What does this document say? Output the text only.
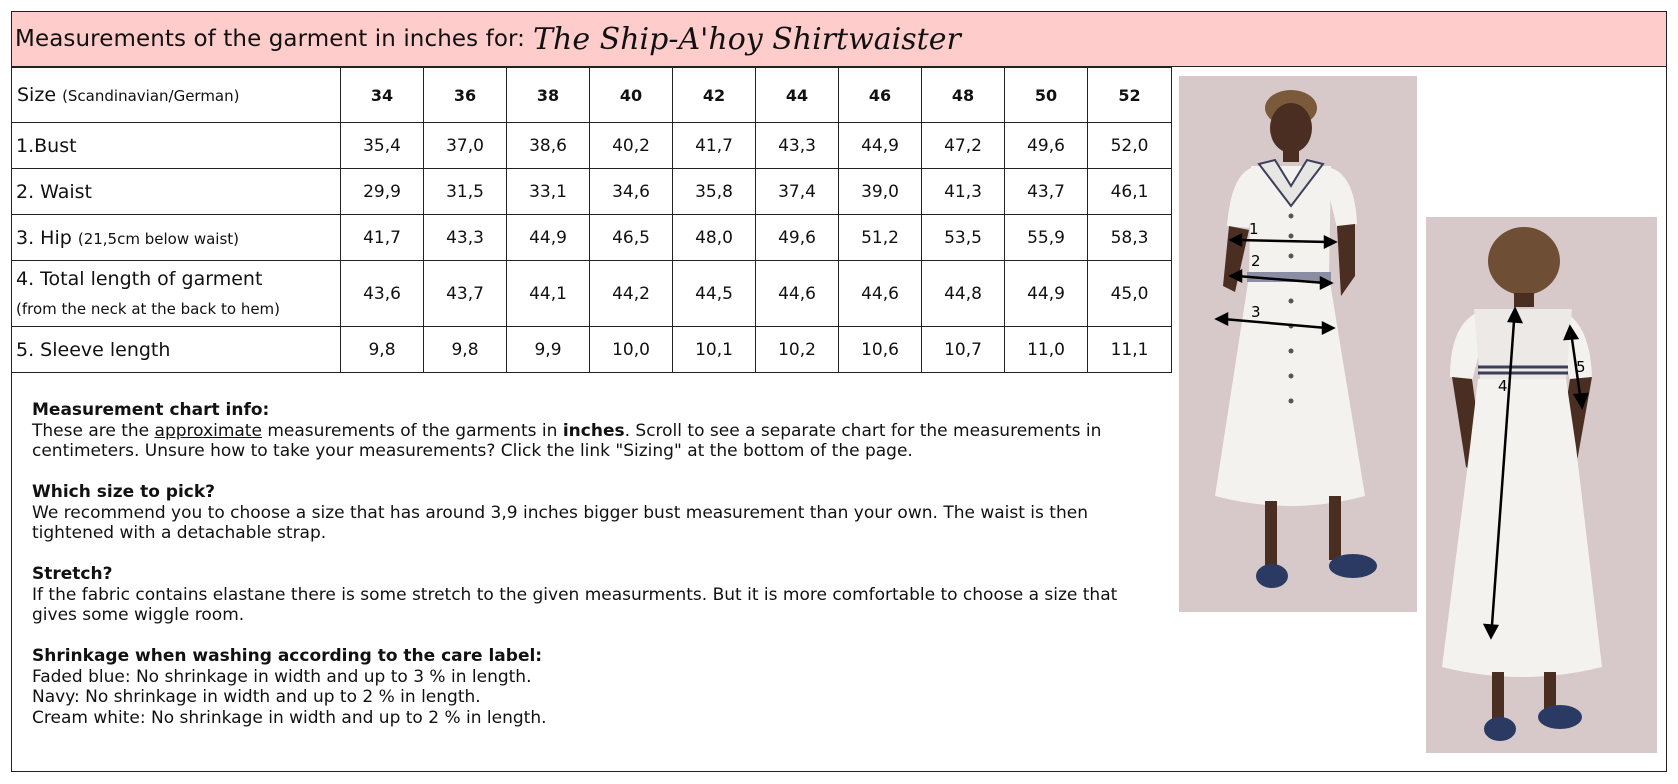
Measurements of the garment in inches for: The Ship-A'hoy Shirtwaister
Size (Scandinavian/German)	34	36	38	40	42	44	46	48	50	52
1.Bust	35,4	37,0	38,6	40,2	41,7	43,3	44,9	47,2	49,6	52,0
2. Waist	29,9	31,5	33,1	34,6	35,8	37,4	39,0	41,3	43,7	46,1
3. Hip (21,5cm below waist)	41,7	43,3	44,9	46,5	48,0	49,6	51,2	53,5	55,9	58,3

4. Total length of garment
(from the neck at the back to hem)	43,6	43,7	44,1	44,2	44,5	44,6	44,6	44,8	44,9	45,0
5. Sleeve length	9,8	9,8	9,9	10,0	10,1	10,2	10,6	10,7	11,0	11,1
Measurement chart info:
These are the approximate measurements of the garments in inches. Scroll to see a separate chart for the measurements in centimeters. Unsure how to take your measurements? Click the link "Sizing" at the bottom of the page.
Which size to pick?
We recommend you to choose a size that has around 3,9 inches bigger bust measurement than your own. The waist is then tightened with a detachable strap.
Stretch?
If the fabric contains elastane there is some stretch to the given measurments. But it is more comfortable to choose a size that gives some wiggle room.
Shrinkage when washing according to the care label:
Faded blue: No shrinkage in width and up to 3 % in length.
Navy: No shrinkage in width and up to 2 % in length.
Cream white: No shrinkage in width and up to 2 % in length.
1
2
3
4
5
